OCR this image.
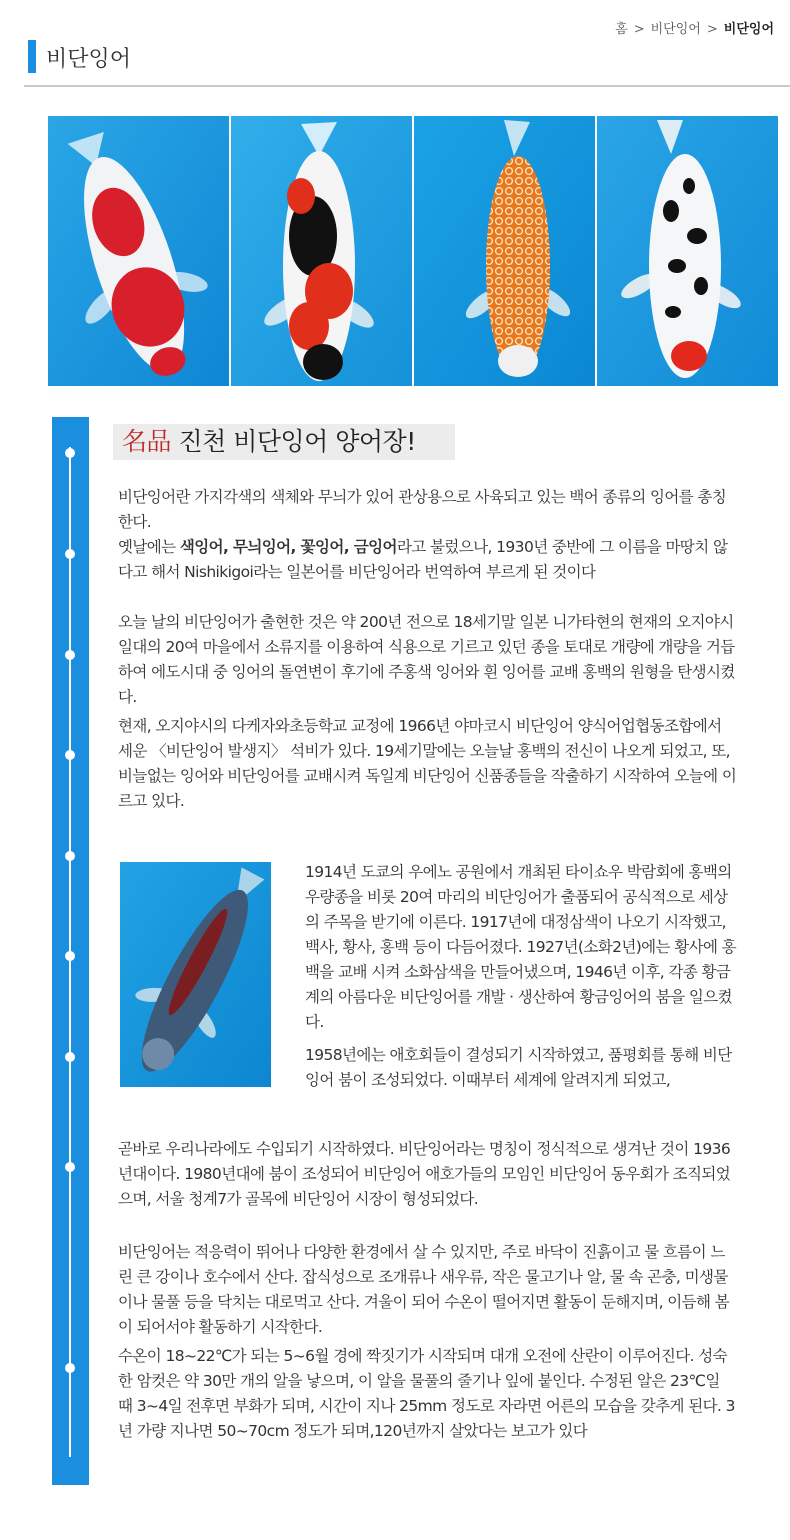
홈 > 비단잉어 > 비단잉어
비단잉어
名品 진천 비단잉어 양어장!

비단잉어란 가지각색의 색체와 무늬가 있어 관상용으로 사육되고 있는 백어 종류의 잉어를 총칭한다.

옛날에는 색잉어, 무늬잉어, 꽃잉어, 금잉어라고 불렀으나, 1930년 중반에 그 이름을 마땅치 않다고 해서 Nishikigoi라는 일본어를 비단잉어라 번역하여 부르게 된 것이다

오늘 날의 비단잉어가 출현한 것은 약 200년 전으로 18세기말 일본 니가타현의 현재의 오지야시 일대의 20여 마을에서 소류지를 이용하여 식용으로 기르고 있던 종을 토대로 개량에 개량을 거듭하여 에도시대 중 잉어의 돌연변이 후기에 주홍색 잉어와 흰 잉어를 교배 홍백의 원형을 탄생시켰다.

현재, 오지야시의 다케자와초등학교 교정에 1966년 야마코시 비단잉어 양식어업협동조합에서 세운 〈비단잉어 발생지〉 석비가 있다. 19세기말에는 오늘날 홍백의 전신이 나오게 되었고, 또, 비늘없는 잉어와 비단잉어를 교배시켜 독일계 비단잉어 신품종들을 작출하기 시작하여 오늘에 이르고 있다.

1914년 도쿄의 우에노 공원에서 개최된 타이쇼우 박람회에 홍백의 우량종을 비롯 20여 마리의 비단잉어가 출품되어 공식적으로 세상의 주목을 받기에 이른다. 1917년에 대정삼색이 나오기 시작했고, 백사, 황사, 홍백 등이 다듬어졌다. 1927년(소화2년)에는 황사에 홍백을 교배 시켜 소화삼색을 만들어냈으며, 1946년 이후, 각종 황금계의 아름다운 비단잉어를 개발 · 생산하여 황금잉어의 붐을 일으켰다.

1958년에는 애호회들이 결성되기 시작하였고, 품평회를 통해 비단잉어 붐이 조성되었다. 이때부터 세계에 알려지게 되었고,

곧바로 우리나라에도 수입되기 시작하였다. 비단잉어라는 명칭이 정식적으로 생겨난 것이 1936년대이다. 1980년대에 붐이 조성되어 비단잉어 애호가들의 모임인 비단잉어 동우회가 조직되었으며, 서울 청계7가 골목에 비단잉어 시장이 형성되었다.

비단잉어는 적응력이 뛰어나 다양한 환경에서 살 수 있지만, 주로 바닥이 진흙이고 물 흐름이 느린 큰 강이나 호수에서 산다. 잡식성으로 조개류나 새우류, 작은 물고기나 알, 물 속 곤충, 미생물이나 물풀 등을 닥치는 대로먹고 산다. 겨울이 되어 수온이 떨어지면 활동이 둔해지며, 이듬해 봄이 되어서야 활동하기 시작한다.

수온이 18~22℃가 되는 5~6월 경에 짝짓기가 시작되며 대개 오전에 산란이 이루어진다. 성숙한 암컷은 약 30만 개의 알을 낳으며, 이 알을 물풀의 줄기나 잎에 붙인다. 수정된 알은 23℃일 때 3~4일 전후면 부화가 되며, 시간이 지나 25mm 정도로 자라면 어른의 모습을 갖추게 된다. 3년 가량 지나면 50~70cm 정도가 되며,120년까지 살았다는 보고가 있다
